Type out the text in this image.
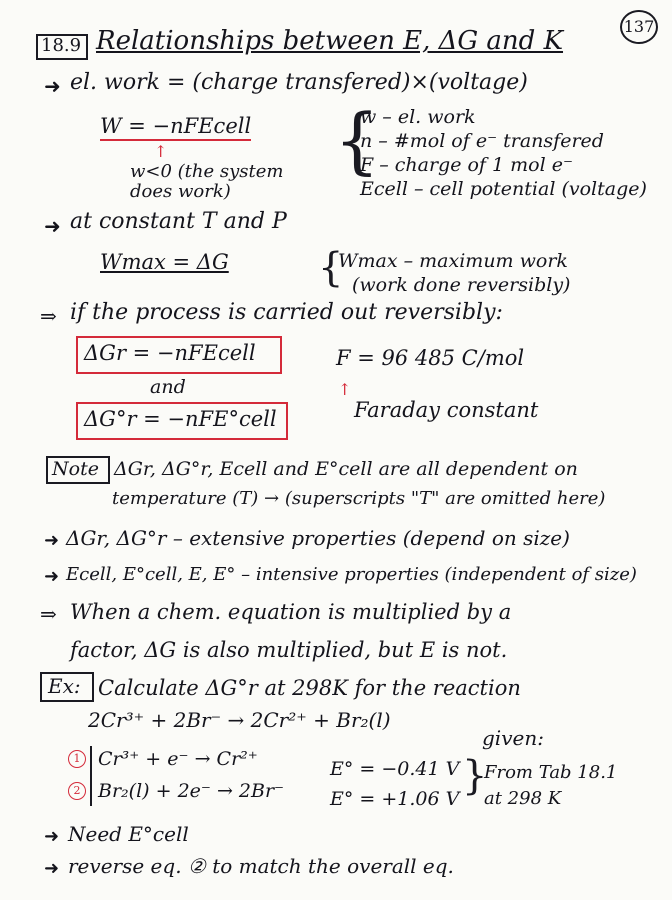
137
18.9 Relationships between E, ΔG and K
➜ el. work = (charge transfered)×(voltage)
W = −nFEcell
↑
w<0 (the system does work)
{
w – el. work
n – #mol of e⁻ transfered
F – charge of 1 mol e⁻
Ecell – cell potential (voltage)
➜ at constant T and P
Wmax = ΔG {
Wmax – maximum work
(work done reversibly)
⇒ if the process is carried out reversibly:
ΔGr = −nFEcell
and
ΔG°r = −nFE°cell
F = 96 485 C/mol
↑
Faraday constant
Note ΔGr, ΔG°r, Ecell and E°cell are all dependent on
temperature (T) → (superscripts "T" are omitted here)
➜ ΔGr, ΔG°r – extensive properties (depend on size)
➜ Ecell, E°cell, E, E° – intensive properties (independent of size)
⇒ When a chem. equation is multiplied by a
factor, ΔG is also multiplied, but E is not.
Ex: Calculate ΔG°r at 298K for the reaction
2Cr³⁺ + 2Br⁻ → 2Cr²⁺ + Br₂(l)
given:
1
2
Cr³⁺ + e⁻ → Cr²⁺
Br₂(l) + 2e⁻ → 2Br⁻
E° = −0.41 V
E° = +1.06 V }
From Tab 18.1
at 298 K
➜ Need E°cell
➜ reverse eq. ② to match the overall eq.
